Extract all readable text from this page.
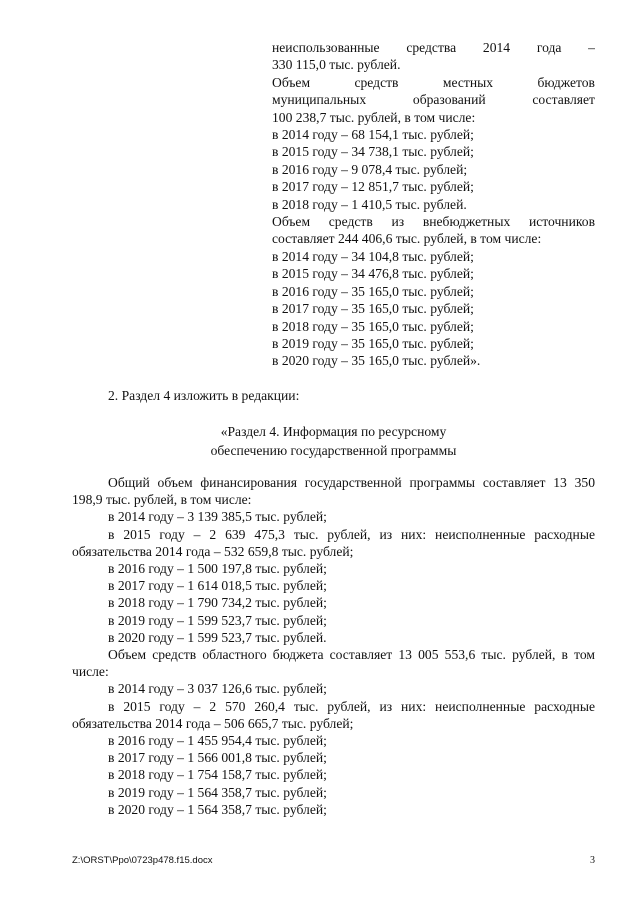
неиспользованные средства 2014 года –

330 115,0 тыс. рублей.

Объем	средств	местных	бюджетов

муниципальных	образований	составляет

100 238,7 тыс. рублей, в том числе:

в 2014 году – 68 154,1 тыс. рублей;

в 2015 году – 34 738,1 тыс. рублей;

в 2016 году – 9 078,4 тыс. рублей;

в 2017 году – 12 851,7 тыс. рублей;

в 2018 году – 1 410,5 тыс. рублей.

Объем средств из внебюджетных источников

составляет 244 406,6 тыс. рублей, в том числе:

в 2014 году – 34 104,8 тыс. рублей;

в 2015 году – 34 476,8 тыс. рублей;

в 2016 году – 35 165,0 тыс. рублей;

в 2017 году – 35 165,0 тыс. рублей;

в 2018 году – 35 165,0 тыс. рублей;

в 2019 году – 35 165,0 тыс. рублей;

в 2020 году – 35 165,0 тыс. рублей».

2. Раздел 4 изложить в редакции:

«Раздел 4. Информация по ресурсному

обеспечению государственной программы

Общий объем финансирования государственной программы составляет 13 350 198,9 тыс. рублей, в том числе:

в 2014 году – 3 139 385,5 тыс. рублей;

в 2015 году – 2 639 475,3 тыс. рублей, из них: неисполненные расходные обязательства 2014 года – 532 659,8 тыс. рублей;

в 2016 году – 1 500 197,8 тыс. рублей;

в 2017 году – 1 614 018,5 тыс. рублей;

в 2018 году – 1 790 734,2 тыс. рублей;

в 2019 году – 1 599 523,7 тыс. рублей;

в 2020 году – 1 599 523,7 тыс. рублей.

Объем средств областного бюджета составляет 13 005 553,6 тыс. рублей, в том числе:

в 2014 году – 3 037 126,6 тыс. рублей;

в 2015 году – 2 570 260,4 тыс. рублей, из них: неисполненные расходные обязательства 2014 года – 506 665,7 тыс. рублей;

в 2016 году – 1 455 954,4 тыс. рублей;

в 2017 году – 1 566 001,8 тыс. рублей;

в 2018 году – 1 754 158,7 тыс. рублей;

в 2019 году – 1 564 358,7 тыс. рублей;

в 2020 году – 1 564 358,7 тыс. рублей;

Z:\ORST\Ppo\0723p478.f15.docx	3
